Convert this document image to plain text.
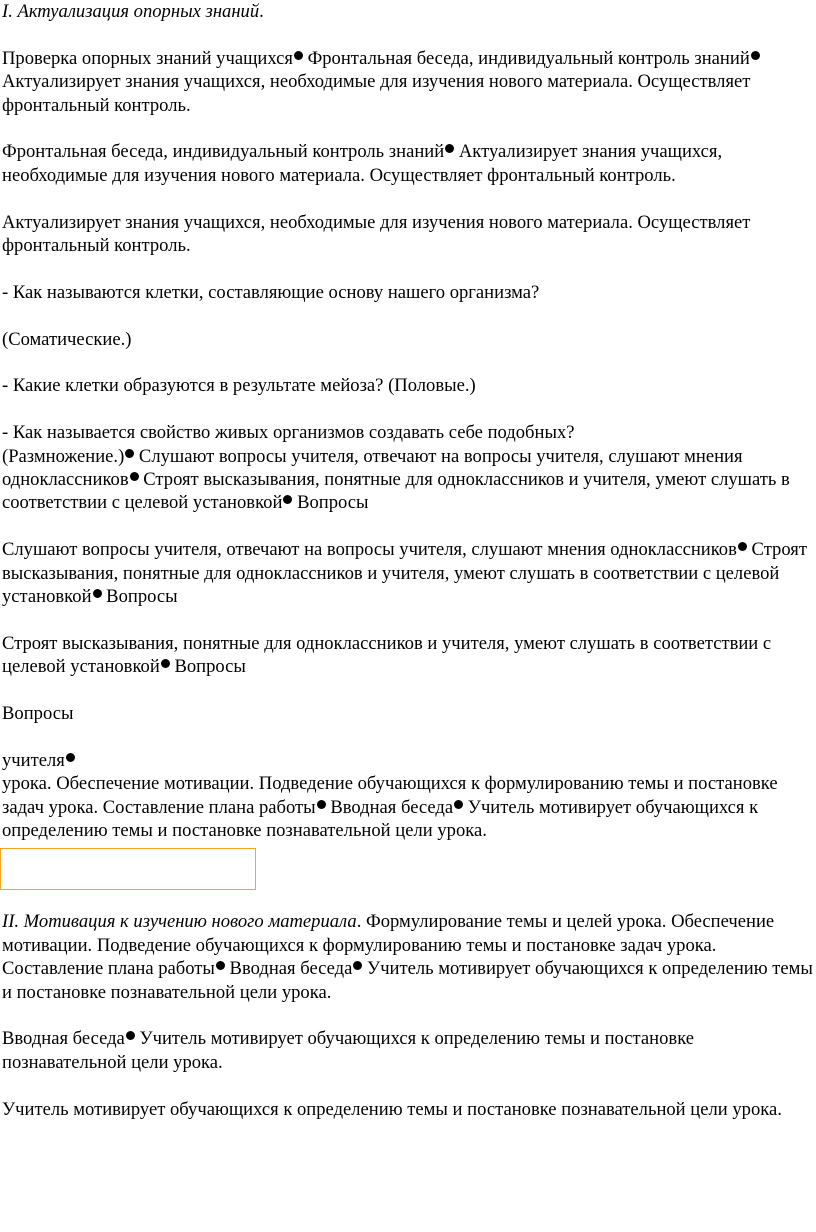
I. Актуализация опорных знаний.

Проверка опорных знаний учащихся Фронтальная беседа, индивидуальный контроль знаний Актуализирует знания учащихся, необходимые для изучения нового материала. Осуществляет фронтальный контроль.

Фронтальная беседа, индивидуальный контроль знаний Актуализирует знания учащихся, необходимые для изучения нового материала. Осуществляет фронтальный контроль.

Актуализирует знания учащихся, необходимые для изучения нового материала. Осуществляет фронтальный контроль.

- Как называются клетки, составляющие основу нашего организма?

(Соматические.)

- Какие клетки образуются в результате мейоза? (Половые.)

- Как называется свойство живых организмов создавать себе подобных?

(Размножение.) Слушают вопросы учителя, отвечают на вопросы учителя, слушают мнения одноклассников Строят высказывания, понятные для одноклассников и учителя, умеют слушать в соответствии с целевой установкой Вопросы

Слушают вопросы учителя, отвечают на вопросы учителя, слушают мнения одноклассников Строят высказывания, понятные для одноклассников и учителя, умеют слушать в соответствии с целевой установкой Вопросы

Строят высказывания, понятные для одноклассников и учителя, умеют слушать в соответствии с целевой установкой Вопросы

Вопросы

учителя

урока. Обеспечение мотивации. Подведение обучающихся к формулированию темы и постановке задач урока. Составление плана работы Вводная беседа Учитель мотивирует обучающихся к определению темы и постановке познавательной цели урока.

II. Мотивация к изучению нового материала. Формулирование темы и целей урока. Обеспечение мотивации. Подведение обучающихся к формулированию темы и постановке задач урока. Составление плана работы Вводная беседа Учитель мотивирует обучающихся к определению темы и постановке познавательной цели урока.

Вводная беседа Учитель мотивирует обучающихся к определению темы и постановке познавательной цели урока.

Учитель мотивирует обучающихся к определению темы и постановке познавательной цели урока.
